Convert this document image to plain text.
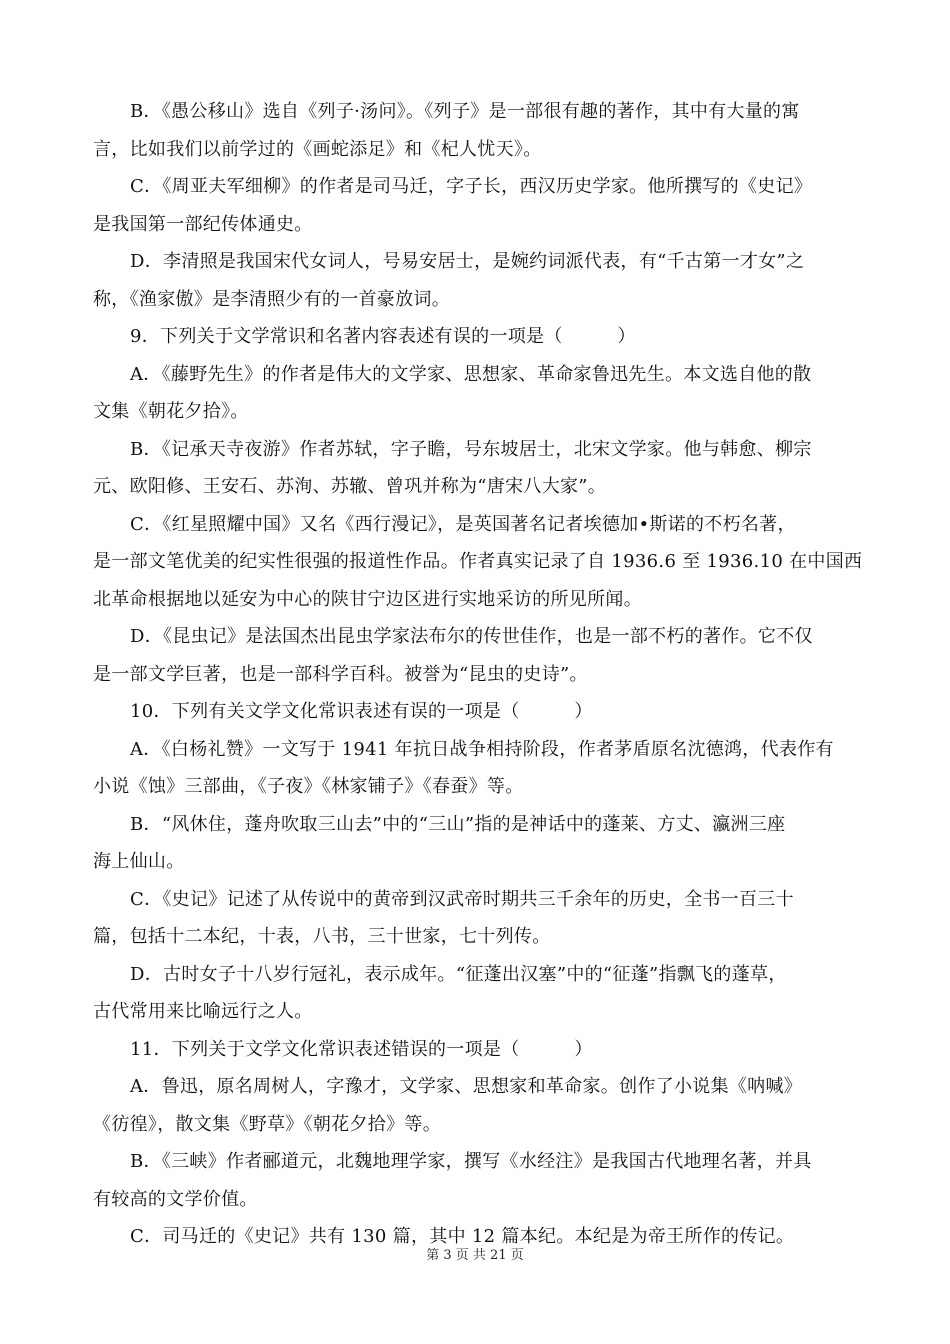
B．《愚公移山》选自《列子·汤问》。《列子》是一部很有趣的著作，其中有大量的寓
言，比如我们以前学过的《画蛇添足》和《杞人忧天》。
C．《周亚夫军细柳》的作者是司马迁，字子长，西汉历史学家。他所撰写的《史记》
是我国第一部纪传体通史。
D．李清照是我国宋代女词人，号易安居士，是婉约词派代表，有“千古第一才女”之
称，《渔家傲》是李清照少有的一首豪放词。
9．下列关于文学常识和名著内容表述有误的一项是（　　　）
A．《藤野先生》的作者是伟大的文学家、思想家、革命家鲁迅先生。本文选自他的散
文集《朝花夕拾》。
B．《记承天寺夜游》作者苏轼，字子瞻，号东坡居士，北宋文学家。他与韩愈、柳宗
元、欧阳修、王安石、苏洵、苏辙、曾巩并称为“唐宋八大家”。
C．《红星照耀中国》又名《西行漫记》，是英国著名记者埃德加•斯诺的不朽名著，
是一部文笔优美的纪实性很强的报道性作品。作者真实记录了自 1936.6 至 1936.10 在中国西
北革命根据地以延安为中心的陕甘宁边区进行实地采访的所见所闻。
D．《昆虫记》是法国杰出昆虫学家法布尔的传世佳作，也是一部不朽的著作。它不仅
是一部文学巨著，也是一部科学百科。被誉为“昆虫的史诗”。
10．下列有关文学文化常识表述有误的一项是（　　　）
A．《白杨礼赞》一文写于 1941 年抗日战争相持阶段，作者茅盾原名沈德鸿，代表作有
小说《蚀》三部曲，《子夜》《林家铺子》《春蚕》等。
B．“风休住，蓬舟吹取三山去”中的“三山”指的是神话中的蓬莱、方丈、瀛洲三座
海上仙山。
C．《史记》记述了从传说中的黄帝到汉武帝时期共三千余年的历史，全书一百三十
篇，包括十二本纪，十表，八书，三十世家，七十列传。
D．古时女子十八岁行冠礼，表示成年。“征蓬出汉塞”中的“征蓬”指飘飞的蓬草，
古代常用来比喻远行之人。
11．下列关于文学文化常识表述错误的一项是（　　　）
A．鲁迅，原名周树人，字豫才，文学家、思想家和革命家。创作了小说集《呐喊》
《彷徨》，散文集《野草》《朝花夕拾》等。
B．《三峡》作者郦道元，北魏地理学家，撰写《水经注》是我国古代地理名著，并具
有较高的文学价值。
C．司马迁的《史记》共有 130 篇，其中 12 篇本纪。本纪是为帝王所作的传记。
第 3 页 共 21 页
